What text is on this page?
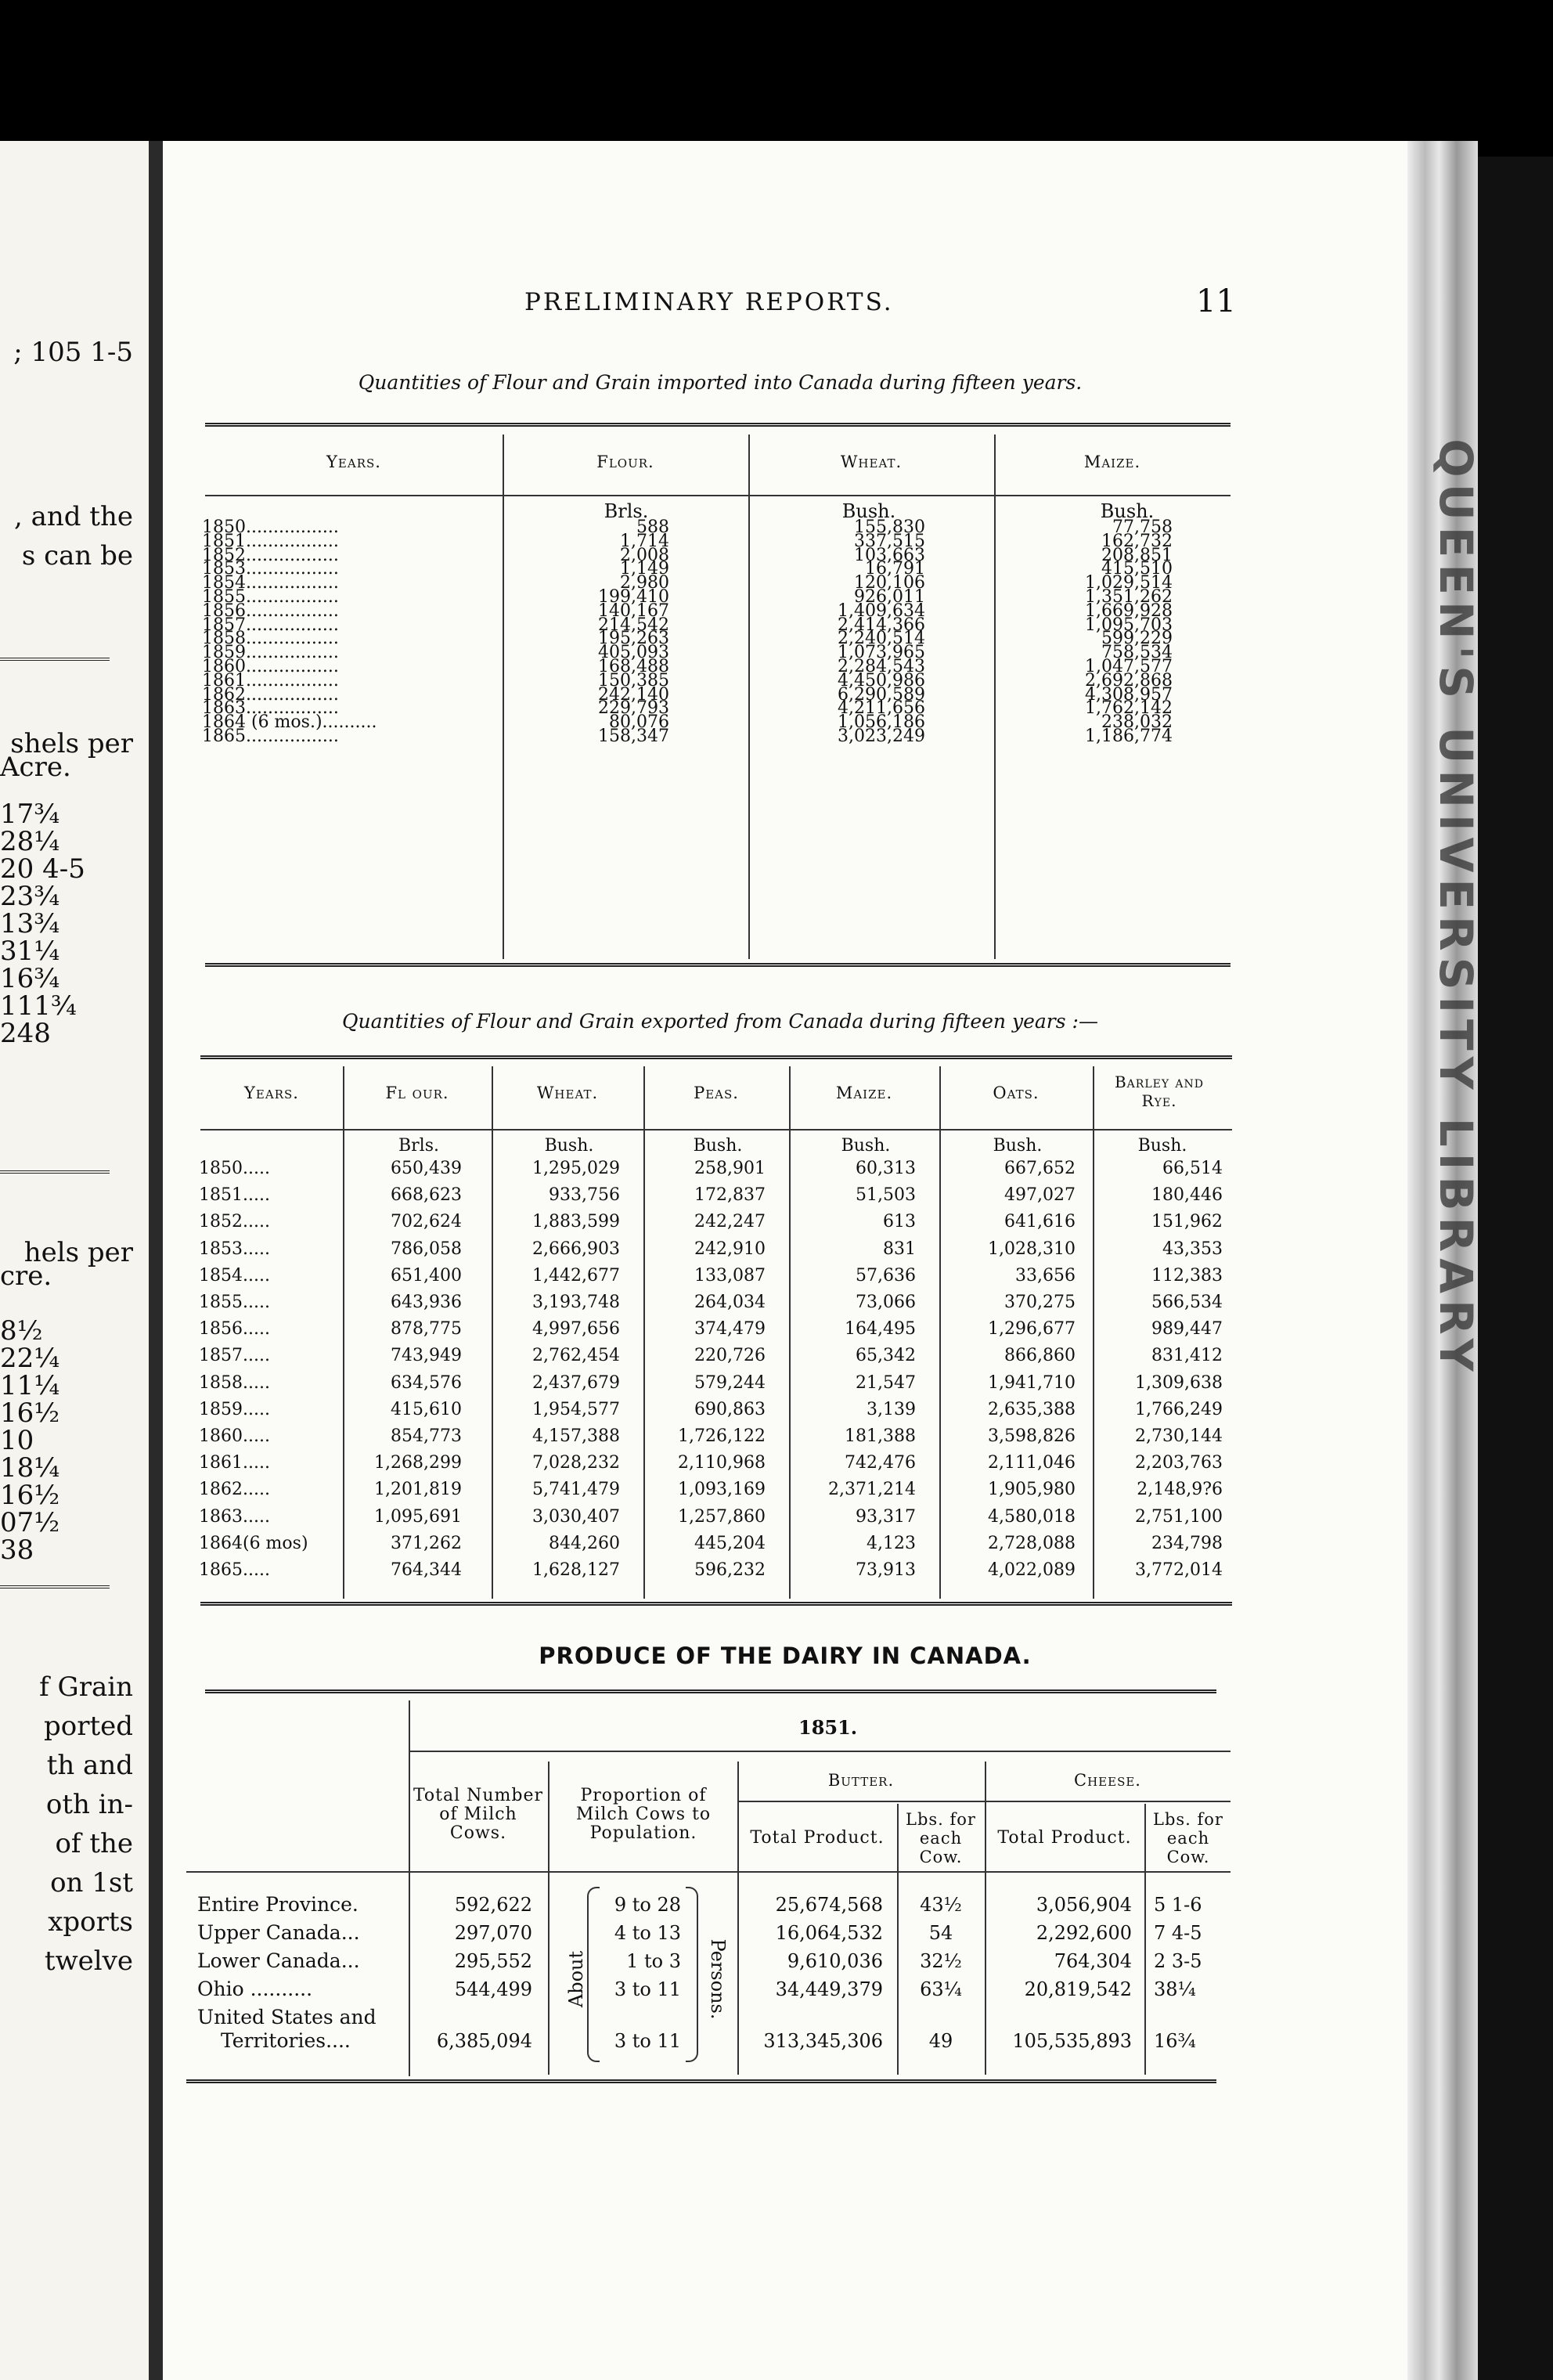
; 105 1-5
, and the
s can be
shels per
Acre.
17¾
28¼
20 4-5
23¾
13¾
31¼
16¾
111¾
248
hels per
cre.
8½
22¼
11¼
16½
10
18¼
16½
07½
38
f Grain
ported
th and
oth in-
of the
on 1st
xports
twelve
QUEEN'S UNIVERSITY LIBRARY
PRELIMINARY REPORTS.	11
Quantities of Flour and Grain imported into Canada during fifteen years.
Years.	Flour.	Wheat.	Maize.
Brls.	Bush.	Bush.
1850.................	588	155,830	77,758
1851.................	1,714	337,515	162,732
1852.................	2,008	103,663	208,851
1853.................	1,149	16,791	415,510
1854.................	2,980	120,106	1,029,514
1855.................	199,410	926,011	1,351,262
1856.................	140,167	1,409,634	1,669,928
1857.................	214,542	2,414,366	1,095,703
1858.................	195,263	2,240,514	599,229
1859.................	405,093	1,073,965	758,534
1860.................	168,488	2,284,543	1,047,577
1861.................	150,385	4,450,986	2,692,868
1862.................	242,140	6,290,589	4,308,957
1863.................	229,793	4,211,656	1,762,142
1864 (6 mos.)..........	80,076	1,056,186	238,032
1865.................	158,347	3,023,249	1,186,774
Quantities of Flour and Grain exported from Canada during fifteen years :—
Years.	Fl our.	Wheat.	Peas.	Maize.	Oats.
Barley and Rye.
Brls.	Bush.	Bush.	Bush.	Bush.	Bush.
1850.....	650,439	1,295,029	258,901	60,313	667,652	66,514
1851.....	668,623	933,756	172,837	51,503	497,027	180,446
1852.....	702,624	1,883,599	242,247	613	641,616	151,962
1853.....	786,058	2,666,903	242,910	831	1,028,310	43,353
1854.....	651,400	1,442,677	133,087	57,636	33,656	112,383
1855.....	643,936	3,193,748	264,034	73,066	370,275	566,534
1856.....	878,775	4,997,656	374,479	164,495	1,296,677	989,447
1857.....	743,949	2,762,454	220,726	65,342	866,860	831,412
1858.....	634,576	2,437,679	579,244	21,547	1,941,710	1,309,638
1859.....	415,610	1,954,577	690,863	3,139	2,635,388	1,766,249
1860.....	854,773	4,157,388	1,726,122	181,388	3,598,826	2,730,144
1861.....	1,268,299	7,028,232	2,110,968	742,476	2,111,046	2,203,763
1862.....	1,201,819	5,741,479	1,093,169	2,371,214	1,905,980	2,148,9?6
1863.....	1,095,691	3,030,407	1,257,860	93,317	4,580,018	2,751,100
1864(6 mos)	371,262	844,260	445,204	4,123	2,728,088	234,798
1865.....	764,344	1,628,127	596,232	73,913	4,022,089	3,772,014
PRODUCE OF THE DAIRY IN CANADA.
1851.
Total Number of Milch Cows.
Proportion of Milch Cows to Population.
Butter.	Cheese.
Total Product.
Lbs. for each Cow.
Total Product.
Lbs. for each Cow.
Entire Province.	592,622	9 to 28	25,674,568	43½	3,056,904 5 1-6
Upper Canada...	297,070	4 to 13	16,064,532	54	2,292,600 7 4-5
Lower Canada...	295,552	1 to 3	9,610,036	32½	764,304 2 3-5
Ohio ..........	544,499	3 to 11	34,449,379	63¼	20,819,542 38¼
United States and
Territories....	6,385,094	3 to 11	313,345,306	49	105,535,893 16¾
About	Persons.
